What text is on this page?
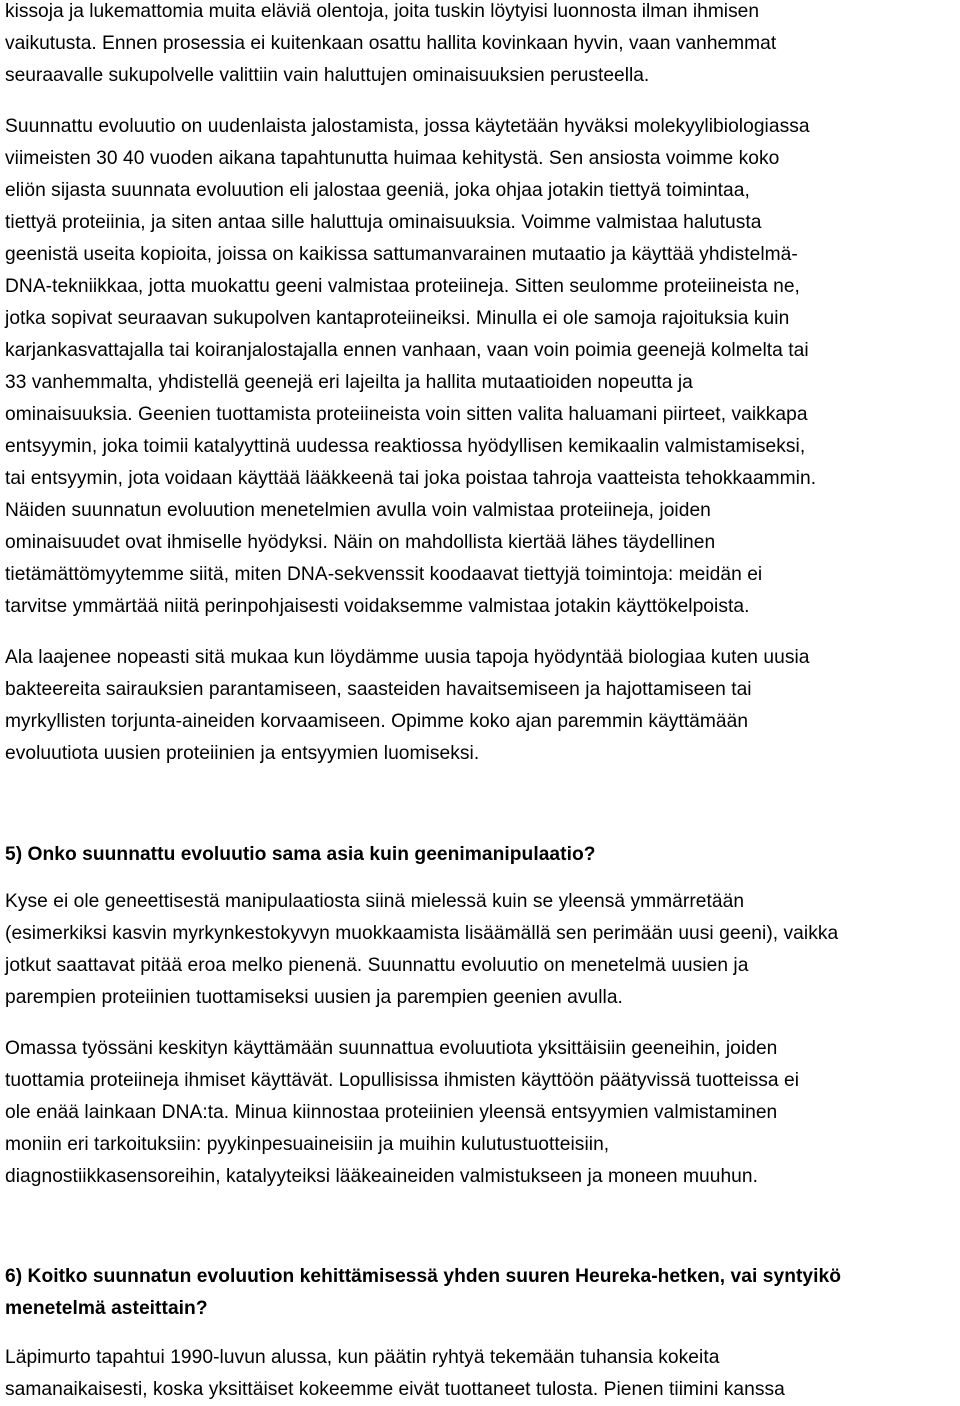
kissoja ja lukemattomia muita eläviä olentoja, joita tuskin löytyisi luonnosta ilman ihmisen
vaikutusta. Ennen prosessia ei kuitenkaan osattu hallita kovinkaan hyvin, vaan vanhemmat
seuraavalle sukupolvelle valittiin vain haluttujen ominaisuuksien perusteella.
Suunnattu evoluutio on uudenlaista jalostamista, jossa käytetään hyväksi molekyylibiologiassa
viimeisten 30 40 vuoden aikana tapahtunutta huimaa kehitystä. Sen ansiosta voimme koko
eliön sijasta suunnata evoluution eli jalostaa geeniä, joka ohjaa jotakin tiettyä toimintaa,
tiettyä proteiinia, ja siten antaa sille haluttuja ominaisuuksia. Voimme valmistaa halutusta
geenistä useita kopioita, joissa on kaikissa sattumanvarainen mutaatio ja käyttää yhdistelmä-
DNA-tekniikkaa, jotta muokattu geeni valmistaa proteiineja. Sitten seulomme proteiineista ne,
jotka sopivat seuraavan sukupolven kantaproteiineiksi. Minulla ei ole samoja rajoituksia kuin
karjankasvattajalla tai koiranjalostajalla ennen vanhaan, vaan voin poimia geenejä kolmelta tai
33 vanhemmalta, yhdistellä geenejä eri lajeilta ja hallita mutaatioiden nopeutta ja
ominaisuuksia. Geenien tuottamista proteiineista voin sitten valita haluamani piirteet, vaikkapa
entsyymin, joka toimii katalyyttinä uudessa reaktiossa hyödyllisen kemikaalin valmistamiseksi,
tai entsyymin, jota voidaan käyttää lääkkeenä tai joka poistaa tahroja vaatteista tehokkaammin.
Näiden suunnatun evoluution menetelmien avulla voin valmistaa proteiineja, joiden
ominaisuudet ovat ihmiselle hyödyksi. Näin on mahdollista kiertää lähes täydellinen
tietämättömyytemme siitä, miten DNA-sekvenssit koodaavat tiettyjä toimintoja: meidän ei
tarvitse ymmärtää niitä perinpohjaisesti voidaksemme valmistaa jotakin käyttökelpoista.
Ala laajenee nopeasti sitä mukaa kun löydämme uusia tapoja hyödyntää biologiaa kuten uusia
bakteereita sairauksien parantamiseen, saasteiden havaitsemiseen ja hajottamiseen tai
myrkyllisten torjunta-aineiden korvaamiseen. Opimme koko ajan paremmin käyttämään
evoluutiota uusien proteiinien ja entsyymien luomiseksi.
5) Onko suunnattu evoluutio sama asia kuin geenimanipulaatio?
Kyse ei ole geneettisestä manipulaatiosta siinä mielessä kuin se yleensä ymmärretään
(esimerkiksi kasvin myrkynkestokyvyn muokkaamista lisäämällä sen perimään uusi geeni), vaikka
jotkut saattavat pitää eroa melko pienenä. Suunnattu evoluutio on menetelmä uusien ja
parempien proteiinien tuottamiseksi uusien ja parempien geenien avulla.
Omassa työssäni keskityn käyttämään suunnattua evoluutiota yksittäisiin geeneihin, joiden
tuottamia proteiineja ihmiset käyttävät. Lopullisissa ihmisten käyttöön päätyvissä tuotteissa ei
ole enää lainkaan DNA:ta. Minua kiinnostaa proteiinien yleensä entsyymien valmistaminen
moniin eri tarkoituksiin: pyykinpesuaineisiin ja muihin kulutustuotteisiin,
diagnostiikkasensoreihin, katalyyteiksi lääkeaineiden valmistukseen ja moneen muuhun.
6) Koitko suunnatun evoluution kehittämisessä yhden suuren Heureka-hetken, vai syntyikö
menetelmä asteittain?
Läpimurto tapahtui 1990-luvun alussa, kun päätin ryhtyä tekemään tuhansia kokeita
samanaikaisesti, koska yksittäiset kokeemme eivät tuottaneet tulosta. Pienen tiimini kanssa
